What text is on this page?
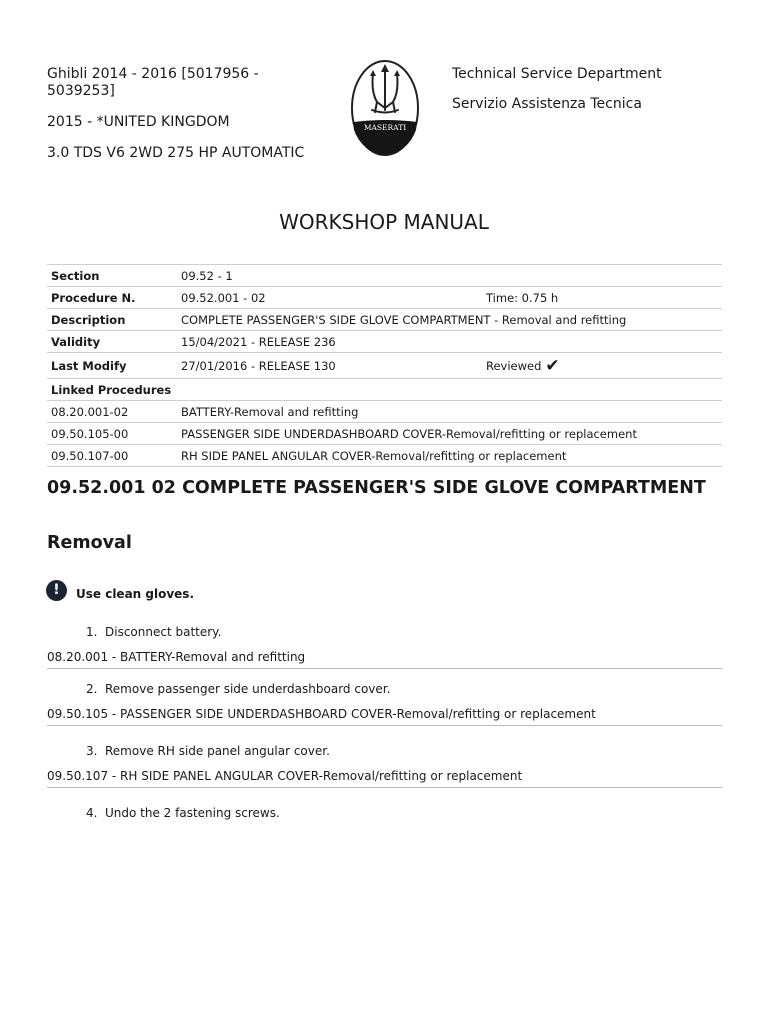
Ghibli 2014 - 2016 [5017956 - 5039253]

2015 - *UNITED KINGDOM

3.0 TDS V6 2WD 275 HP AUTOMATIC

MASERATI

Technical Service Department

Servizio Assistenza Tecnica

WORKSHOP MANUAL
Section	09.52 - 1	
Procedure N.	09.52.001 - 02	Time: 0.75 h
Description	COMPLETE PASSENGER'S SIDE GLOVE COMPARTMENT - Removal and refitting	
Validity	15/04/2021 - RELEASE 236	
Last Modify	27/01/2016 - RELEASE 130	Reviewed ✔
Linked Procedures		
08.20.001-02	BATTERY-Removal and refitting	
09.50.105-00	PASSENGER SIDE UNDERDASHBOARD COVER-Removal/refitting or replacement	
09.50.107-00	RH SIDE PANEL ANGULAR COVER-Removal/refitting or replacement	
09.52.001 02 COMPLETE PASSENGER'S SIDE GLOVE COMPARTMENT
Removal
!	Use clean gloves.
1. Disconnect battery.
08.20.001 - BATTERY-Removal and refitting
2. Remove passenger side underdashboard cover.
09.50.105 - PASSENGER SIDE UNDERDASHBOARD COVER-Removal/refitting or replacement
3. Remove RH side panel angular cover.
09.50.107 - RH SIDE PANEL ANGULAR COVER-Removal/refitting or replacement
4. Undo the 2 fastening screws.
